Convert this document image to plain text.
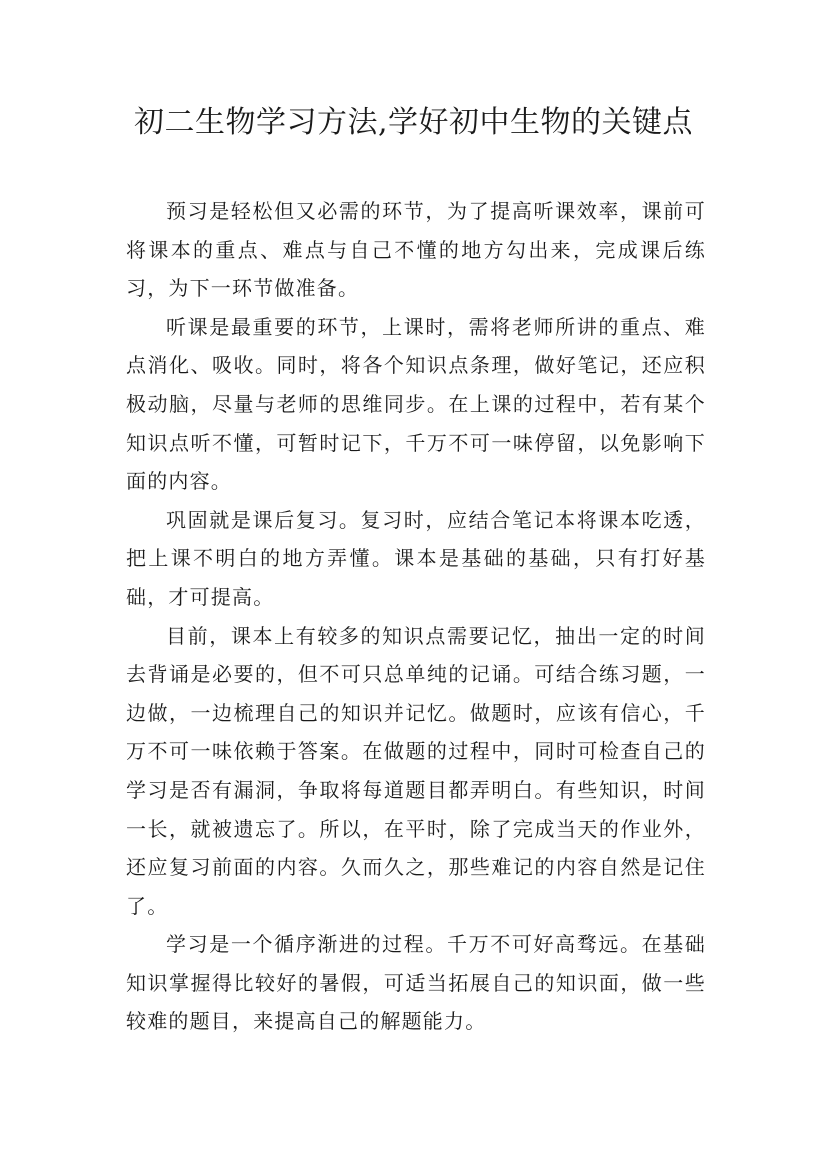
初二生物学习方法,学好初中生物的关键点

预习是轻松但又必需的环节，为了提高听课效率，课前可将课本的重点、难点与自己不懂的地方勾出来，完成课后练习，为下一环节做准备。

听课是最重要的环节，上课时，需将老师所讲的重点、难点消化、吸收。同时，将各个知识点条理，做好笔记，还应积极动脑，尽量与老师的思维同步。在上课的过程中，若有某个知识点听不懂，可暂时记下，千万不可一味停留，以免影响下面的内容。

巩固就是课后复习。复习时，应结合笔记本将课本吃透，把上课不明白的地方弄懂。课本是基础的基础，只有打好基础，才可提高。

目前，课本上有较多的知识点需要记忆，抽出一定的时间去背诵是必要的，但不可只总单纯的记诵。可结合练习题，一边做，一边梳理自己的知识并记忆。做题时，应该有信心，千万不可一味依赖于答案。在做题的过程中，同时可检查自己的学习是否有漏洞，争取将每道题目都弄明白。有些知识，时间一长，就被遗忘了。所以，在平时，除了完成当天的作业外，还应复习前面的内容。久而久之，那些难记的内容自然是记住了。

学习是一个循序渐进的过程。千万不可好高骛远。在基础知识掌握得比较好的暑假，可适当拓展自己的知识面，做一些较难的题目，来提高自己的解题能力。
